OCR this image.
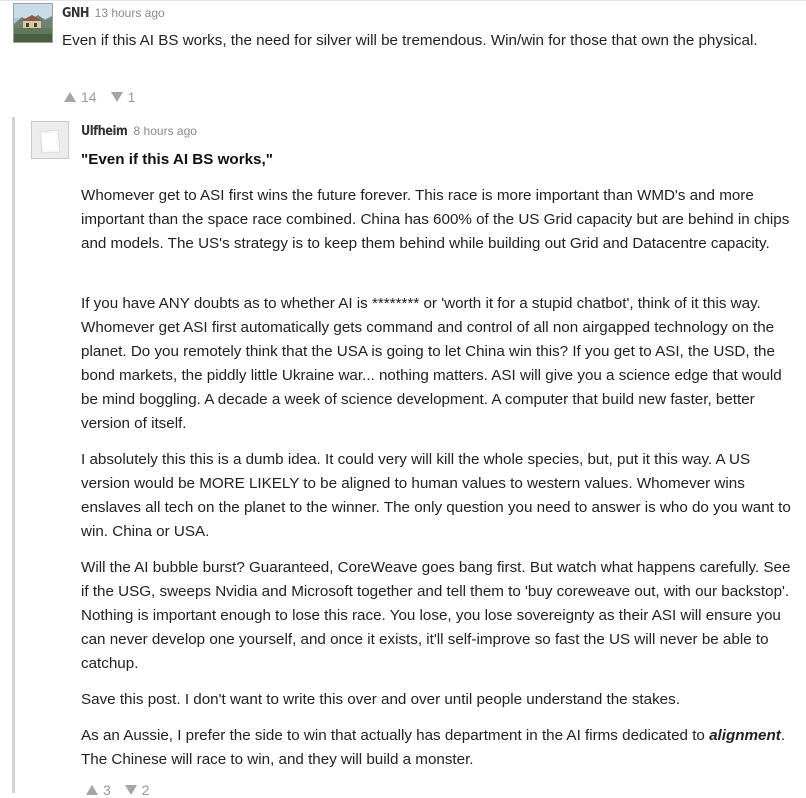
GNH 13 hours ago
Even if this AI BS works, the need for silver will be tremendous. Win/win for those that own the physical.
14 1
Ulfheim 8 hours ago
"Even if this AI BS works,"
Whomever get to ASI first wins the future forever. This race is more important than WMD's and more important than the space race combined. China has 600% of the US Grid capacity but are behind in chips and models. The US's strategy is to keep them behind while building out Grid and Datacentre capacity.
If you have ANY doubts as to whether AI is ******** or 'worth it for a stupid chatbot', think of it this way. Whomever get ASI first automatically gets command and control of all non airgapped technology on the planet. Do you remotely think that the USA is going to let China win this? If you get to ASI, the USD, the bond markets, the piddly little Ukraine war... nothing matters. ASI will give you a science edge that would be mind boggling. A decade a week of science development. A computer that build new faster, better version of itself.
I absolutely this this is a dumb idea. It could very will kill the whole species, but, put it this way. A US version would be MORE LIKELY to be aligned to human values to western values. Whomever wins enslaves all tech on the planet to the winner. The only question you need to answer is who do you want to win. China or USA.
Will the AI bubble burst? Guaranteed, CoreWeave goes bang first. But watch what happens carefully. See if the USG, sweeps Nvidia and Microsoft together and tell them to 'buy coreweave out, with our backstop'. Nothing is important enough to lose this race. You lose, you lose sovereignty as their ASI will ensure you can never develop one yourself, and once it exists, it'll self-improve so fast the US will never be able to catchup.
Save this post. I don't want to write this over and over until people understand the stakes.
As an Aussie, I prefer the side to win that actually has department in the AI firms dedicated to alignment. The Chinese will race to win, and they will build a monster.
3 2
